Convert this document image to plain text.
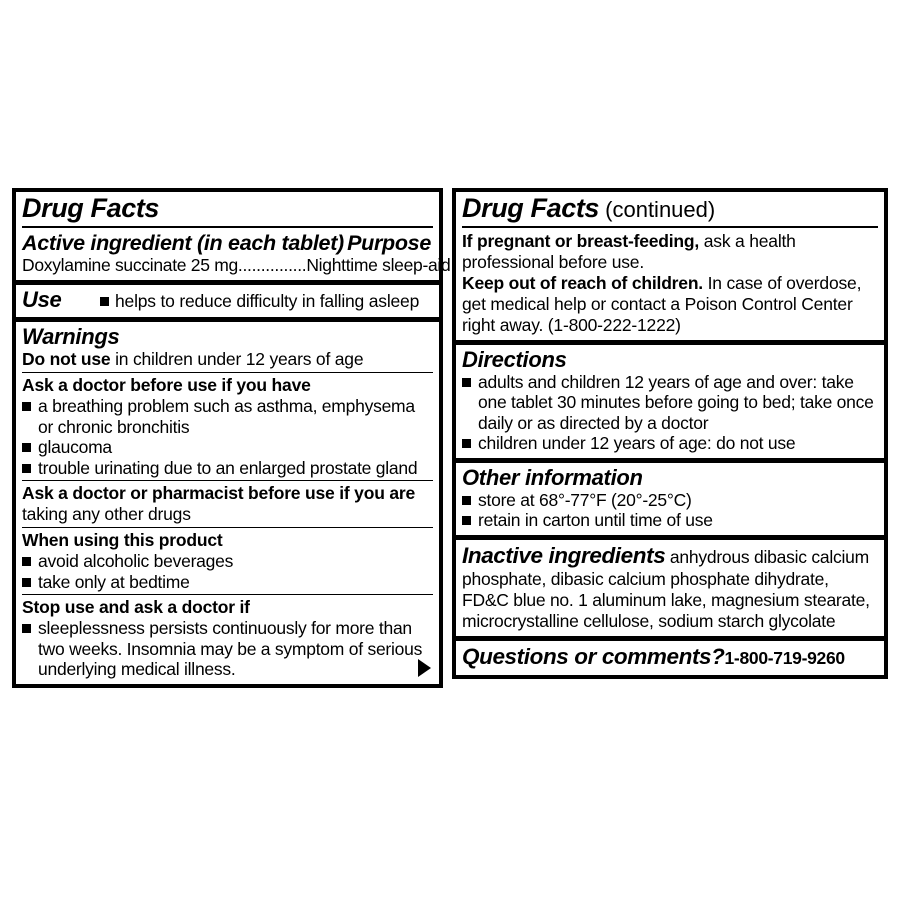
Drug Facts
Active ingredient (in each tablet) Purpose
Doxylamine succinate 25 mg...............Nighttime sleep-aid
Use	helps to reduce difficulty in falling asleep
Warnings
Do not use in children under 12 years of age
Ask a doctor before use if you have
a breathing problem such as asthma, emphysema or chronic bronchitis
glaucoma
trouble urinating due to an enlarged prostate gland
Ask a doctor or pharmacist before use if you are
taking any other drugs
When using this product
avoid alcoholic beverages
take only at bedtime
Stop use and ask a doctor if
sleeplessness persists continuously for more than two weeks. Insomnia may be a symptom of serious underlying medical illness.
Drug Facts (continued)
If pregnant or breast-feeding, ask a health professional before use.
Keep out of reach of children. In case of overdose, get medical help or contact a Poison Control Center right away. (1-800-222-1222)
Directions
adults and children 12 years of age and over: take one tablet 30 minutes before going to bed; take once daily or as directed by a doctor
children under 12 years of age: do not use
Other information
store at 68°-77°F (20°-25°C)
retain in carton until time of use
Inactive ingredients anhydrous dibasic calcium phosphate, dibasic calcium phosphate dihydrate, FD&C blue no. 1 aluminum lake, magnesium stearate, microcrystalline cellulose, sodium starch glycolate
Questions or comments?1-800-719-9260
